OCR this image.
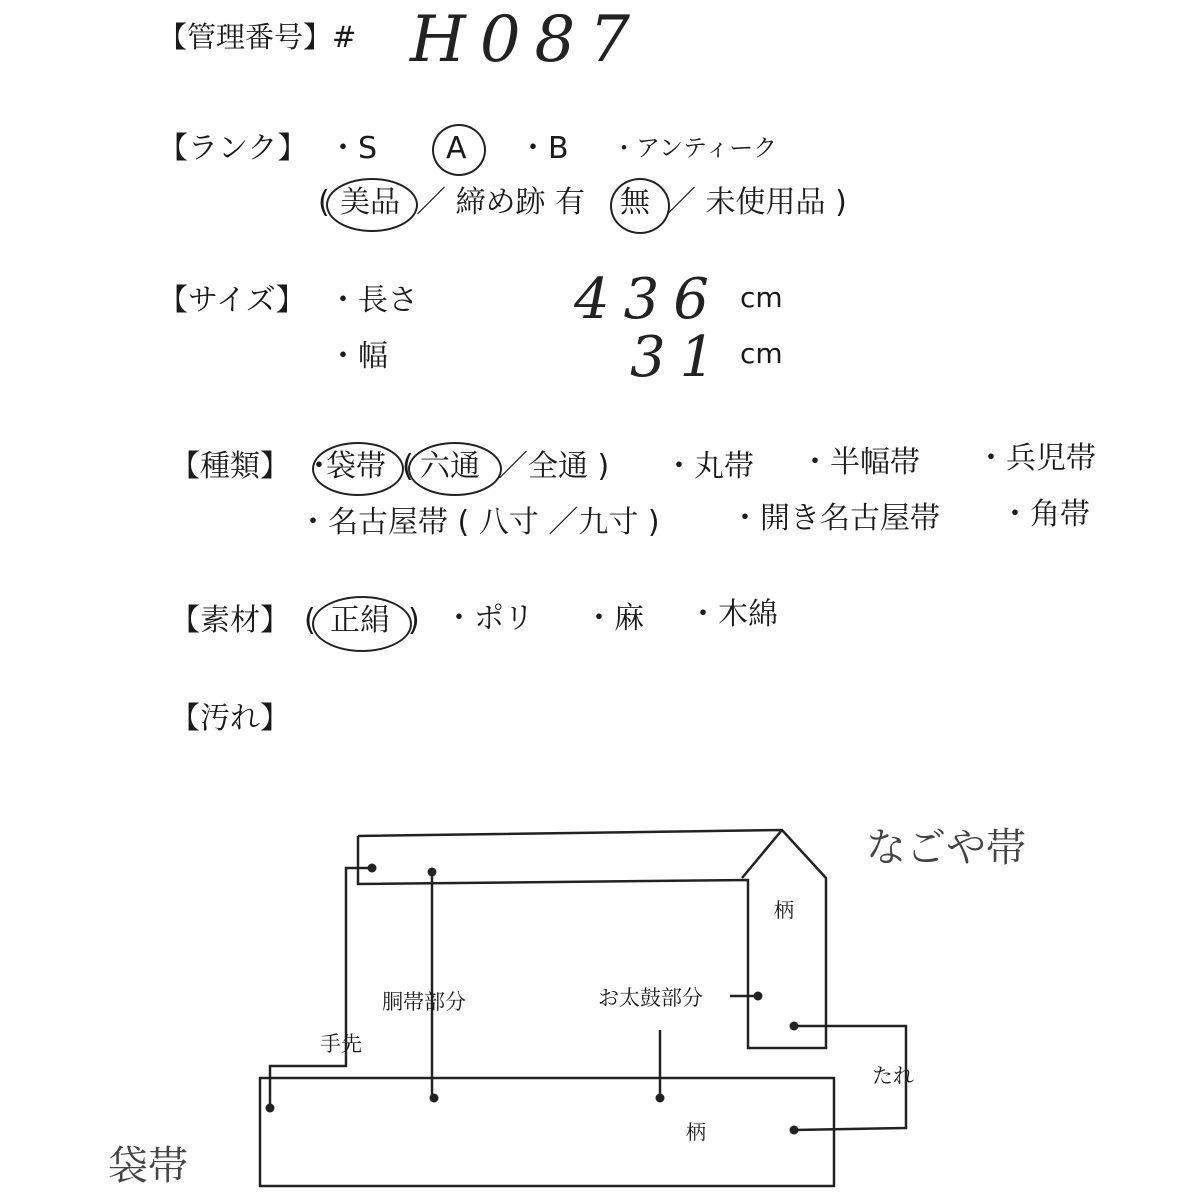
【管理番号】# H087
【ランク】 ・S A ・B ・アンティーク
( 美品 ／ 締め跡 有 無 ／ 未使用品 )
【サイズ】 ・長さ	436 cm
・幅	31 cm
【種類】 ・
袋帯 ( 六通 ／全通 ) ・丸帯 ・半幅帯 ・兵児帯
・名古屋帯 ( 八寸 ／九寸 ) ・開き名古屋帯 ・角帯
【素材】 ( 正絹 ) ・ポリ ・麻 ・木綿
【汚れ】
柄
胴帯部分	お太鼓部分
手先
たれ
柄
なごや帯
袋帯
